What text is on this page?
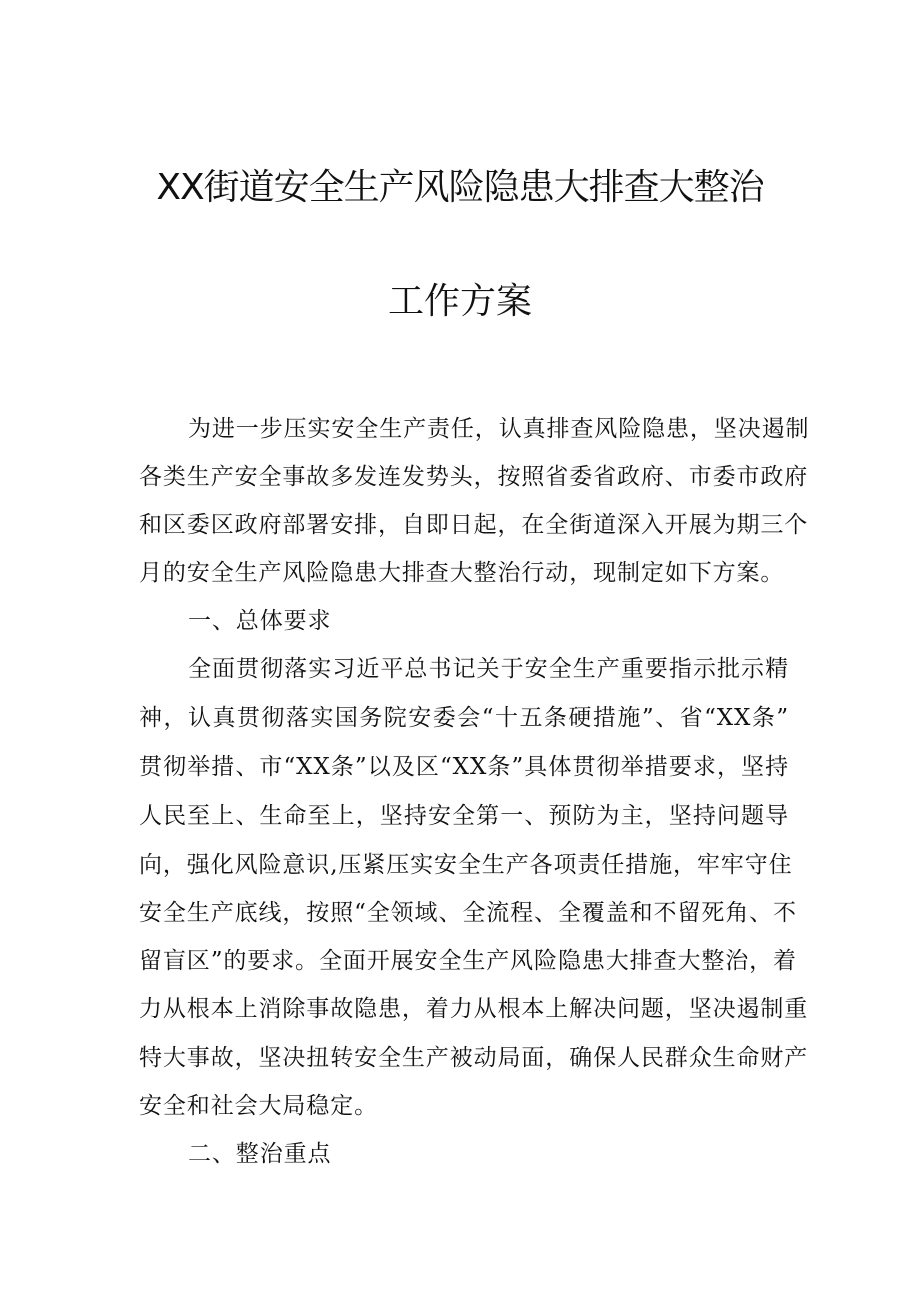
XX街道安全生产风险隐患大排查大整治
工作方案
为进一步压实安全生产责任，认真排查风险隐患，坚决遏制
各类生产安全事故多发连发势头，按照省委省政府、市委市政府
和区委区政府部署安排，自即日起，在全街道深入开展为期三个
月的安全生产风险隐患大排查大整治行动，现制定如下方案。
一、总体要求
全面贯彻落实习近平总书记关于安全生产重要指示批示精
神，认真贯彻落实国务院安委会“十五条硬措施”、省“XX条”
贯彻举措、市“XX条”以及区“XX条”具体贯彻举措要求，坚持
人民至上、生命至上，坚持安全第一、预防为主，坚持问题导
向，强化风险意识,压紧压实安全生产各项责任措施，牢牢守住
安全生产底线，按照“全领域、全流程、全覆盖和不留死角、不
留盲区”的要求。全面开展安全生产风险隐患大排查大整治，着
力从根本上消除事故隐患，着力从根本上解决问题，坚决遏制重
特大事故，坚决扭转安全生产被动局面，确保人民群众生命财产
安全和社会大局稳定。
二、整治重点
